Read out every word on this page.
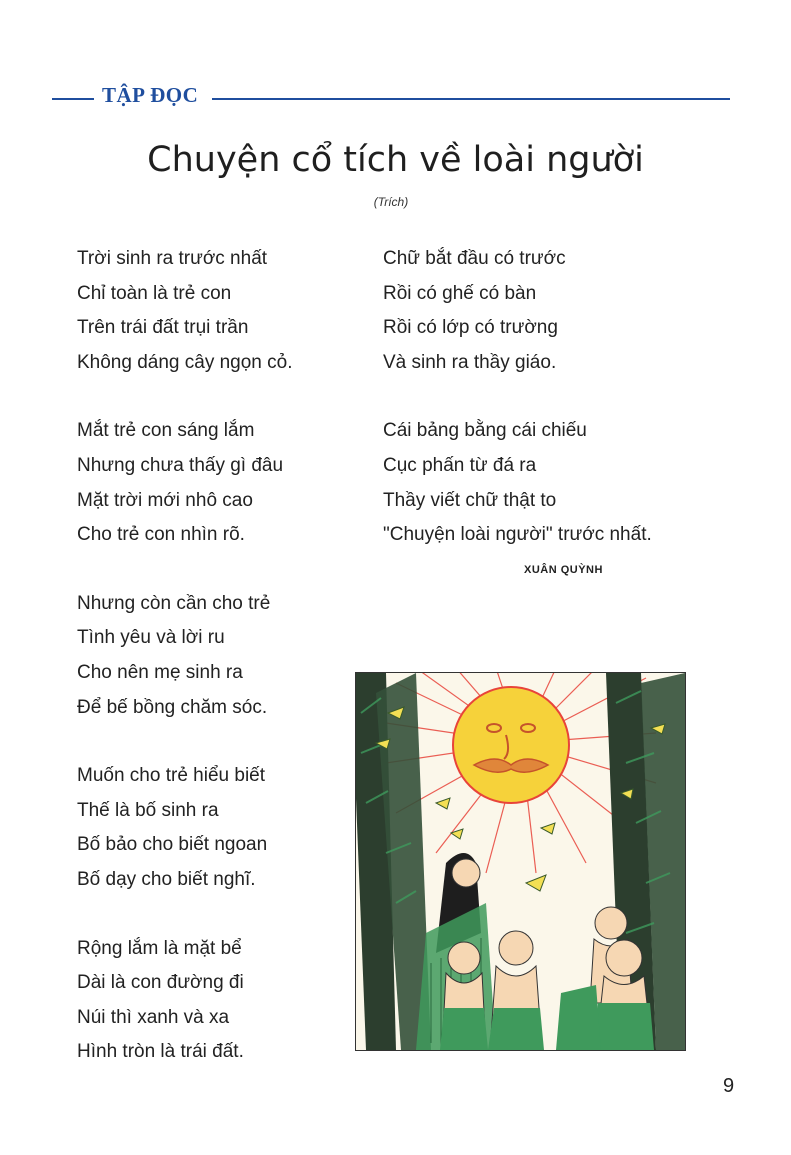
TẬP ĐỌC
Chuyện cổ tích về loài người
(Trích)
Trời sinh ra trước nhất
Chỉ toàn là trẻ con
Trên trái đất trụi trần
Không dáng cây ngọn cỏ.
Mắt trẻ con sáng lắm
Nhưng chưa thấy gì đâu
Mặt trời mới nhô cao
Cho trẻ con nhìn rõ.
Nhưng còn cần cho trẻ
Tình yêu và lời ru
Cho nên mẹ sinh ra
Để bế bồng chăm sóc.
Muốn cho trẻ hiểu biết
Thế là bố sinh ra
Bố bảo cho biết ngoan
Bố dạy cho biết nghĩ.
Rộng lắm là mặt bể
Dài là con đường đi
Núi thì xanh và xa
Hình tròn là trái đất.
Chữ bắt đầu có trước
Rồi có ghế có bàn
Rồi có lớp có trường
Và sinh ra thầy giáo.
Cái bảng bằng cái chiếu
Cục phấn từ đá ra
Thầy viết chữ thật to
"Chuyện loài người" trước nhất.
XUÂN QUỲNH
9
